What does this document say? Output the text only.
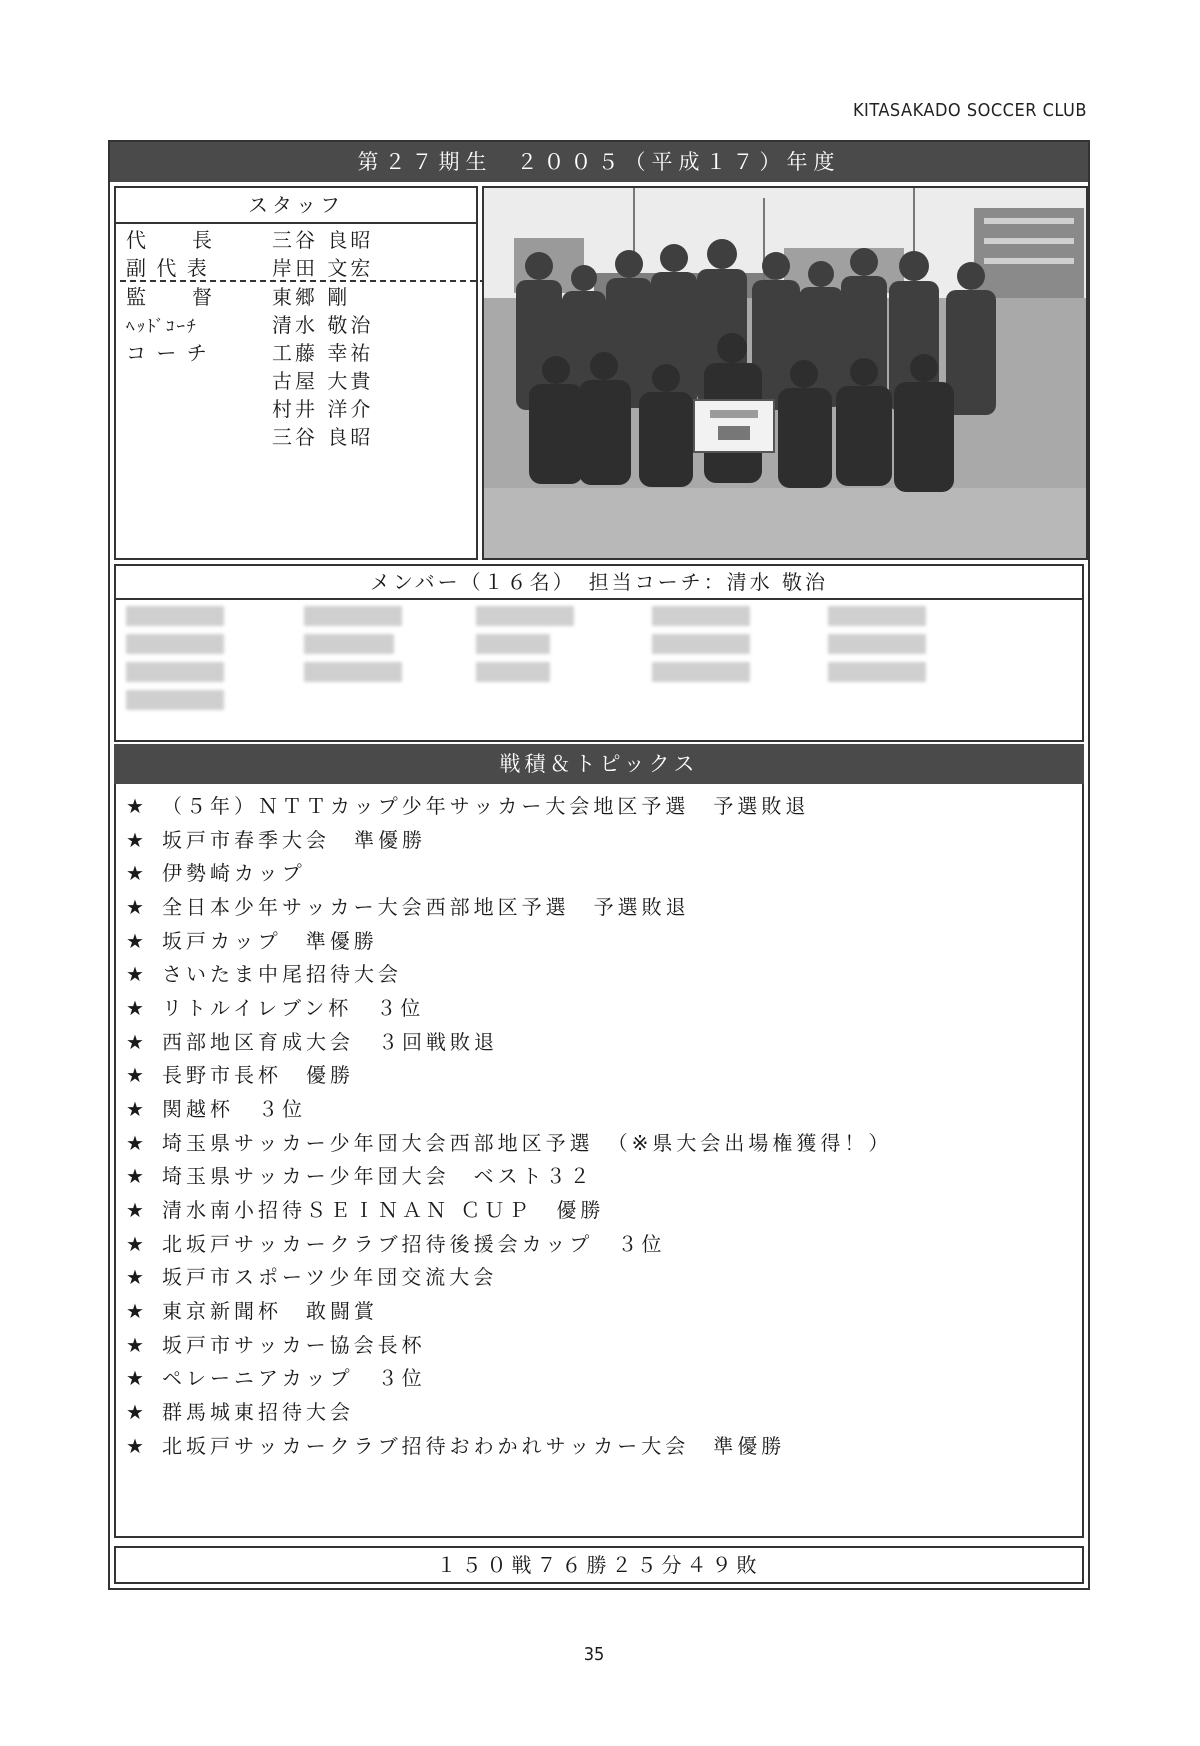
KITASAKADO SOCCER CLUB
第２７期生 ２００５（平成１７）年度
スタッフ
代　　長	三谷 良昭
副 代 表	岸田 文宏
監　　督	東郷 剛
ﾍｯﾄﾞｺｰﾁ	清水 敬治
コ ー チ	工藤 幸祐
古屋 大貴
村井 洋介
三谷 良昭
メンバー（１６名）　担当コーチ：清水 敬治
戦積＆トピックス
★ （５年）ＮＴＴカップ少年サッカー大会地区予選　予選敗退
★ 坂戸市春季大会　準優勝
★ 伊勢崎カップ
★ 全日本少年サッカー大会西部地区予選　予選敗退
★ 坂戸カップ　準優勝
★ さいたま中尾招待大会
★ リトルイレブン杯　３位
★ 西部地区育成大会　３回戦敗退
★ 長野市長杯　優勝
★ 関越杯　３位
★ 埼玉県サッカー少年団大会西部地区予選　（※県大会出場権獲得！）
★ 埼玉県サッカー少年団大会　ベスト３２
★ 清水南小招待ＳＥＩＮＡＮ ＣＵＰ　優勝
★ 北坂戸サッカークラブ招待後援会カップ　３位
★ 坂戸市スポーツ少年団交流大会
★ 東京新聞杯　敢闘賞
★ 坂戸市サッカー協会長杯
★ ペレーニアカップ　３位
★ 群馬城東招待大会
★ 北坂戸サッカークラブ招待おわかれサッカー大会　準優勝
１５０戦７６勝２５分４９敗
35
